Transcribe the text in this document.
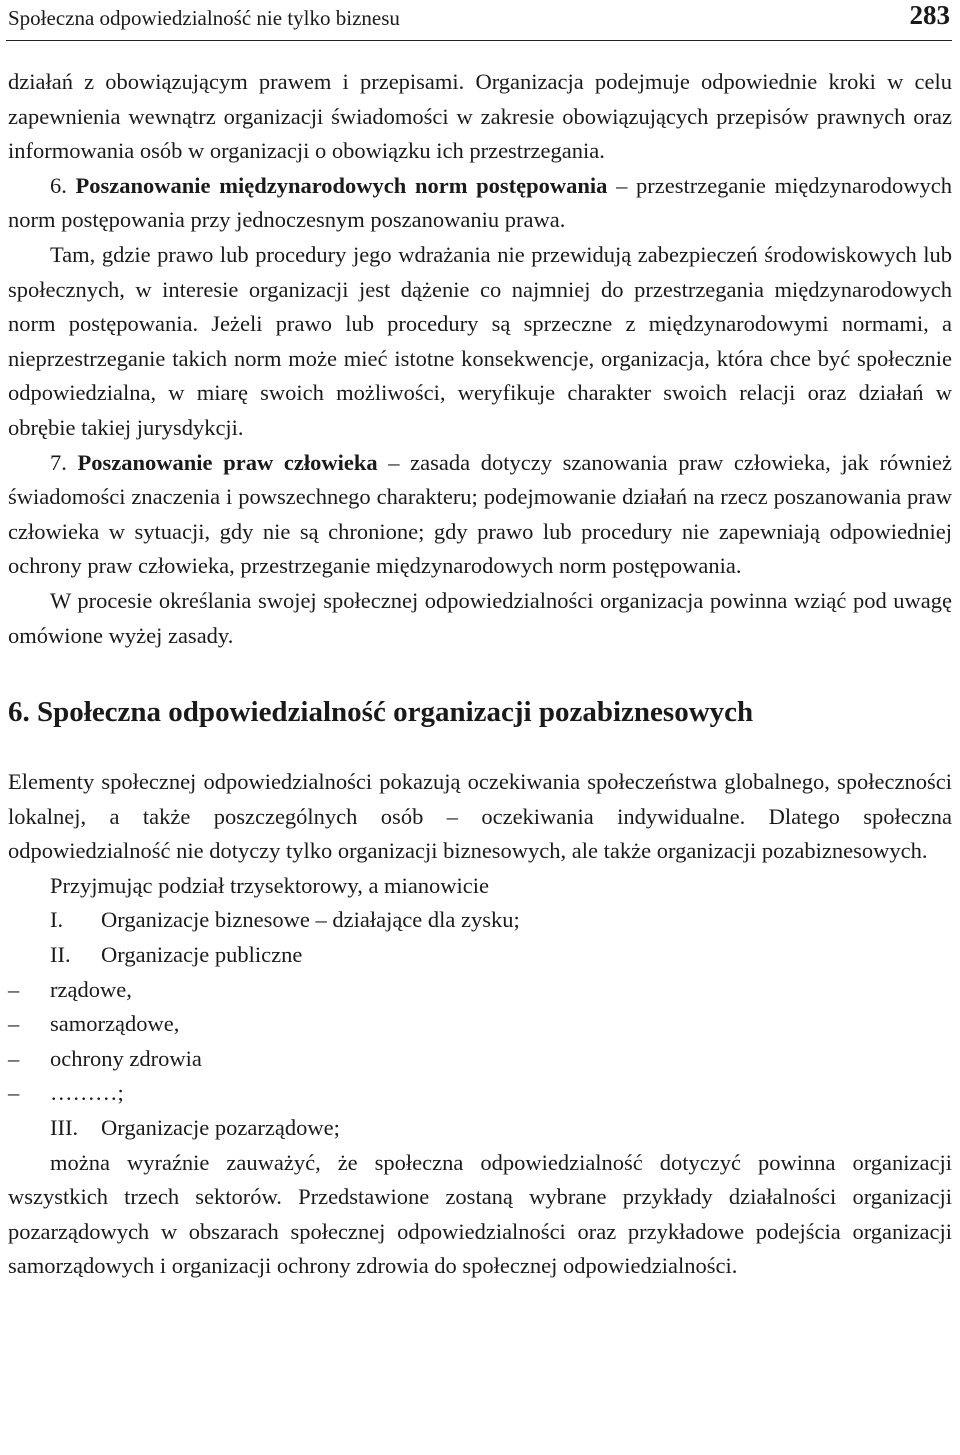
Społeczna odpowiedzialność nie tylko biznesu	283

działań z obowiązującym prawem i przepisami. Organizacja podejmuje odpowiednie kroki w celu zapewnienia wewnątrz organizacji świadomości w zakresie obowiązujących przepisów prawnych oraz informowania osób w organizacji o obowiązku ich przestrzegania.

6. Poszanowanie międzynarodowych norm postępowania – przestrzeganie międzynarodowych norm postępowania przy jednoczesnym poszanowaniu prawa.

Tam, gdzie prawo lub procedury jego wdrażania nie przewidują zabezpieczeń środowiskowych lub społecznych, w interesie organizacji jest dążenie co najmniej do przestrzegania międzynarodowych norm postępowania. Jeżeli prawo lub procedury są sprzeczne z międzynarodowymi normami, a nieprzestrzeganie takich norm może mieć istotne konsekwencje, organizacja, która chce być społecznie odpowiedzialna, w miarę swoich możliwości, weryfikuje charakter swoich relacji oraz działań w obrębie takiej jurysdykcji.

7. Poszanowanie praw człowieka – zasada dotyczy szanowania praw człowieka, jak również świadomości znaczenia i powszechnego charakteru; podejmowanie działań na rzecz poszanowania praw człowieka w sytuacji, gdy nie są chronione; gdy prawo lub procedury nie zapewniają odpowiedniej ochrony praw człowieka, przestrzeganie międzynarodowych norm postępowania.

W procesie określania swojej społecznej odpowiedzialności organizacja powinna wziąć pod uwagę omówione wyżej zasady.

6. Społeczna odpowiedzialność organizacji pozabiznesowych

Elementy społecznej odpowiedzialności pokazują oczekiwania społeczeństwa globalnego, społeczności lokalnej, a także poszczególnych osób – oczekiwania indywidualne. Dlatego społeczna odpowiedzialność nie dotyczy tylko organizacji biznesowych, ale także organizacji pozabiznesowych.

Przyjmując podział trzysektorowy, a mianowicie

I.	Organizacje biznesowe – działające dla zysku;
II.	Organizacje publiczne
–	rządowe,
–	samorządowe,
–	ochrony zdrowia
–	………;
III.	Organizacje pozarządowe;

można wyraźnie zauważyć, że społeczna odpowiedzialność dotyczyć powinna organizacji wszystkich trzech sektorów. Przedstawione zostaną wybrane przykłady działalności organizacji pozarządowych w obszarach społecznej odpowiedzialności oraz przykładowe podejścia organizacji samorządowych i organizacji ochrony zdrowia do społecznej odpowiedzialności.
